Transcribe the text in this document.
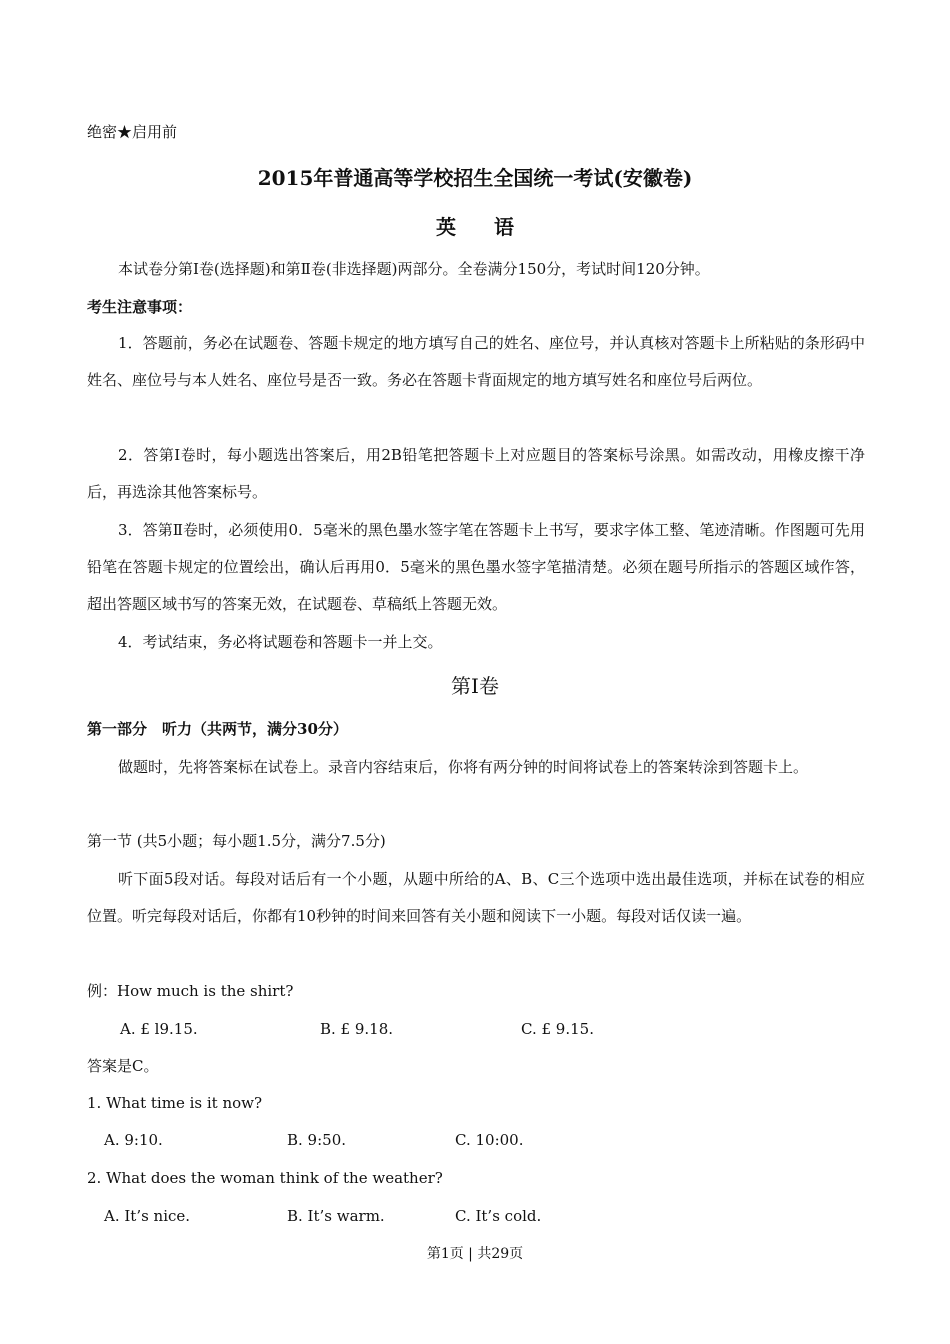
绝密★启用前
2015年普通高等学校招生全国统一考试(安徽卷)
英语
本试卷分第Ⅰ卷(选择题)和第Ⅱ卷(非选择题)两部分。全卷满分150分，考试时间120分钟。
考生注意事项：
1．答题前，务必在试题卷、答题卡规定的地方填写自己的姓名、座位号，并认真核对答题卡上所粘贴的条形码中姓名、座位号与本人姓名、座位号是否一致。务必在答题卡背面规定的地方填写姓名和座位号后两位。
2．答第Ⅰ卷时，每小题选出答案后，用2B铅笔把答题卡上对应题目的答案标号涂黑。如需改动，用橡皮擦干净后，再选涂其他答案标号。
3．答第Ⅱ卷时，必须使用0．5毫米的黑色墨水签字笔在答题卡上书写，要求字体工整、笔迹清晰。作图题可先用铅笔在答题卡规定的位置绘出，确认后再用0．5毫米的黑色墨水签字笔描清楚。必须在题号所指示的答题区域作答，超出答题区域书写的答案无效，在试题卷、草稿纸上答题无效。
4．考试结束，务必将试题卷和答题卡一并上交。
第I卷
第一部分　听力（共两节，满分30分）
做题时，先将答案标在试卷上。录音内容结束后，你将有两分钟的时间将试卷上的答案转涂到答题卡上。
第一节 (共5小题；每小题1.5分，满分7.5分)
听下面5段对话。每段对话后有一个小题，从题中所给的A、B、C三个选项中选出最佳选项，并标在试卷的相应位置。听完每段对话后，你都有10秒钟的时间来回答有关小题和阅读下一小题。每段对话仅读一遍。
例：How much is the shirt?
A. £ l9.15.	B. £ 9.18.	C. £ 9.15.
答案是C。
1. What time is it now?
A. 9:10.	B. 9:50.	C. 10:00.
2. What does the woman think of the weather?
A. It’s nice.	B. It’s warm.	C. It’s cold.
第1页 | 共29页
